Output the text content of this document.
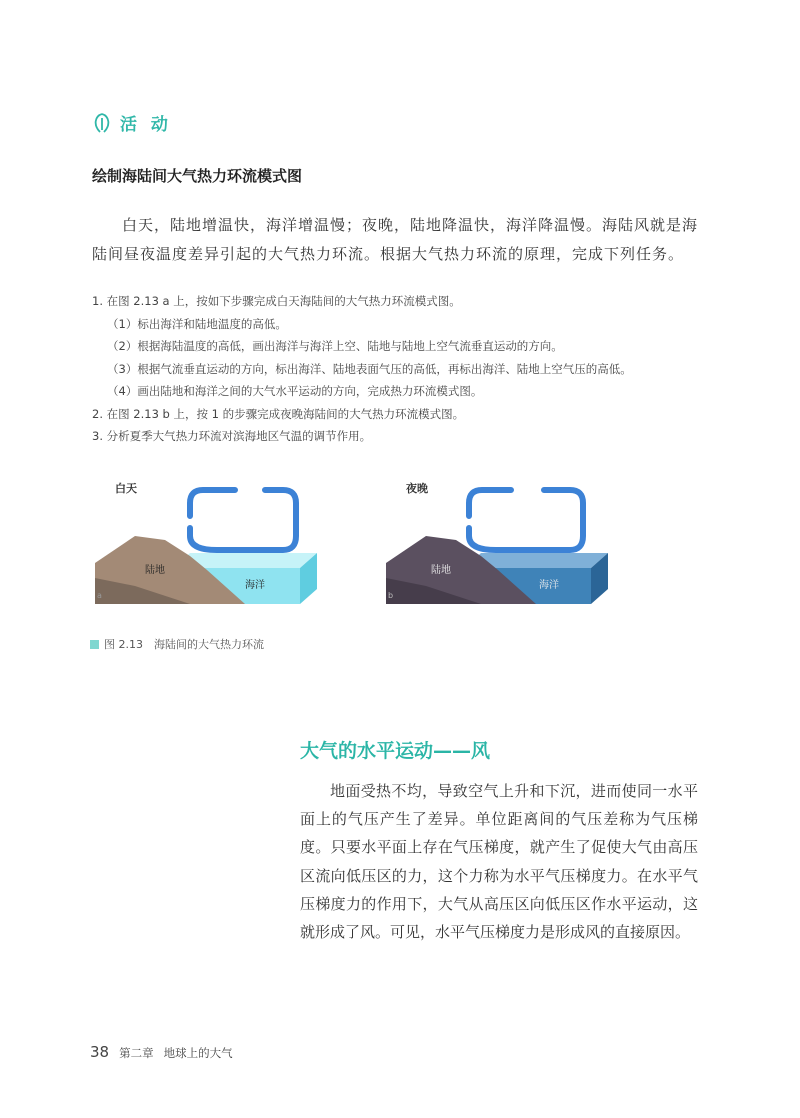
活 动
绘制海陆间大气热力环流模式图

白天，陆地增温快，海洋增温慢；夜晚，陆地降温快，海洋降温慢。海陆风就是海陆间昼夜温度差异引起的大气热力环流。根据大气热力环流的原理，完成下列任务。

1. 在图 2.13 a 上，按如下步骤完成白天海陆间的大气热力环流模式图。
（1）标出海洋和陆地温度的高低。
（2）根据海陆温度的高低，画出海洋与海洋上空、陆地与陆地上空气流垂直运动的方向。
（3）根据气流垂直运动的方向，标出海洋、陆地表面气压的高低，再标出海洋、陆地上空气压的高低。
（4）画出陆地和海洋之间的大气水平运动的方向，完成热力环流模式图。
2. 在图 2.13 b 上，按 1 的步骤完成夜晚海陆间的大气热力环流模式图。
3. 分析夏季大气热力环流对滨海地区气温的调节作用。
白天
陆地
海洋
a
夜晚
陆地
海洋
b
图 2.13　海陆间的大气热力环流
大气的水平运动——风

地面受热不均，导致空气上升和下沉，进而使同一水平面上的气压产生了差异。单位距离间的气压差称为气压梯度。只要水平面上存在气压梯度，就产生了促使大气由高压区流向低压区的力，这个力称为水平气压梯度力。在水平气压梯度力的作用下，大气从高压区向低压区作水平运动，这就形成了风。可见，水平气压梯度力是形成风的直接原因。

38 第二章 地球上的大气
